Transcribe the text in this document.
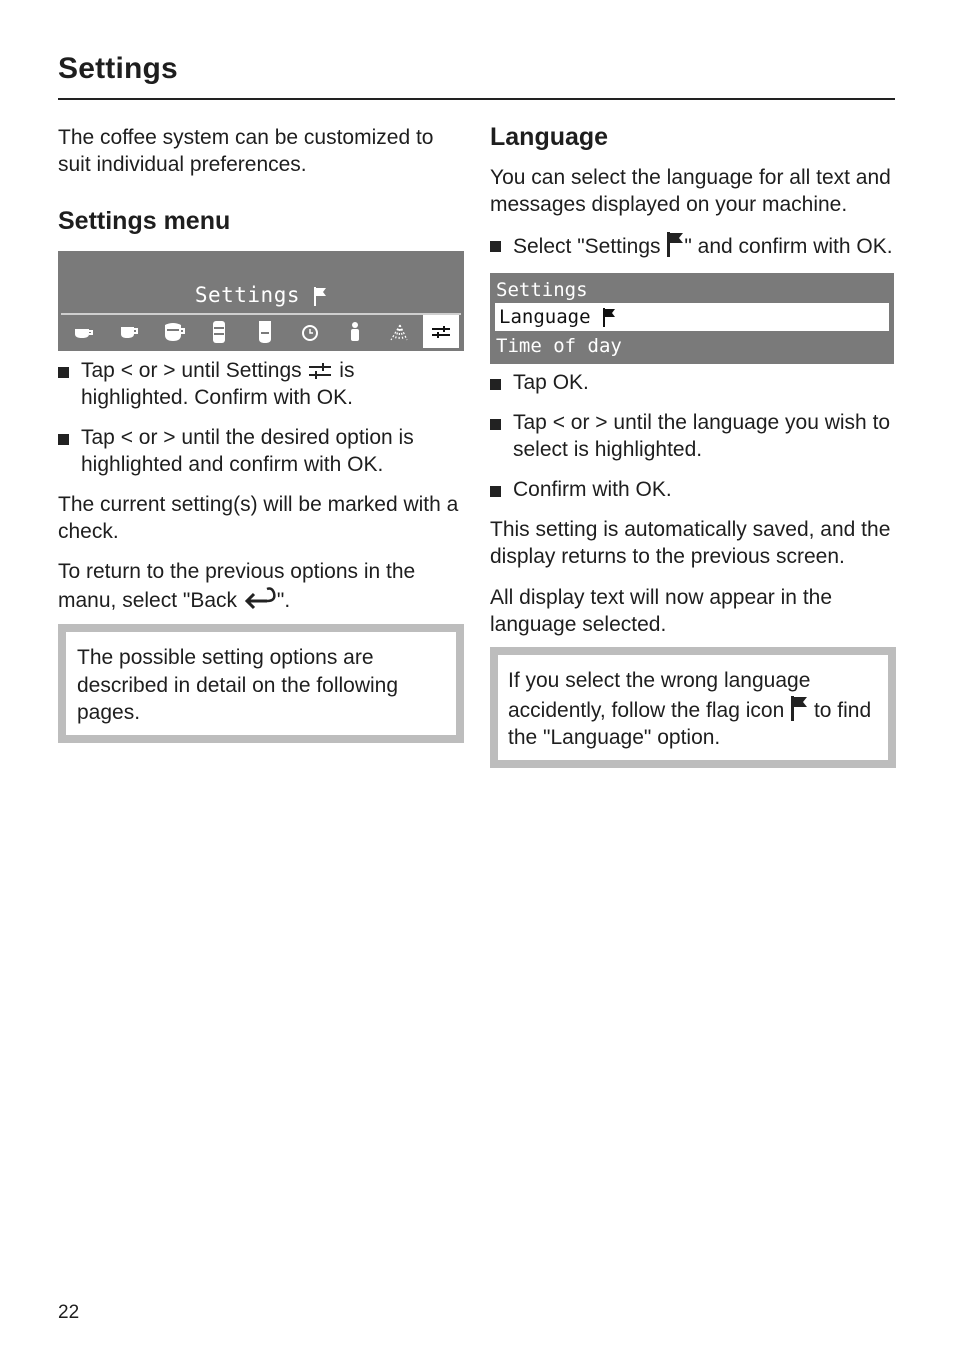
Settings

The coffee system can be customized to suit individual preferences.

Settings menu
Settings
Tap < or > until Settings  is highlighted. Confirm with OK.
Tap < or > until the desired option is highlighted and confirm with OK.

The current setting(s) will be marked with a check.

To return to the previous options in the manu, select "Back ".

The possible setting options are described in detail on the following pages.
Language

You can select the language for all text and messages displayed on your machine.

Select "Settings " and confirm with OK.
Settings
Language
Time of day
Tap OK.
Tap < or > until the language you wish to select is highlighted.
Confirm with OK.

This setting is automatically saved, and the display returns to the previous screen.

All display text will now appear in the language selected.

If you select the wrong language accidently, follow the flag icon  to find the "Language" option.
22
